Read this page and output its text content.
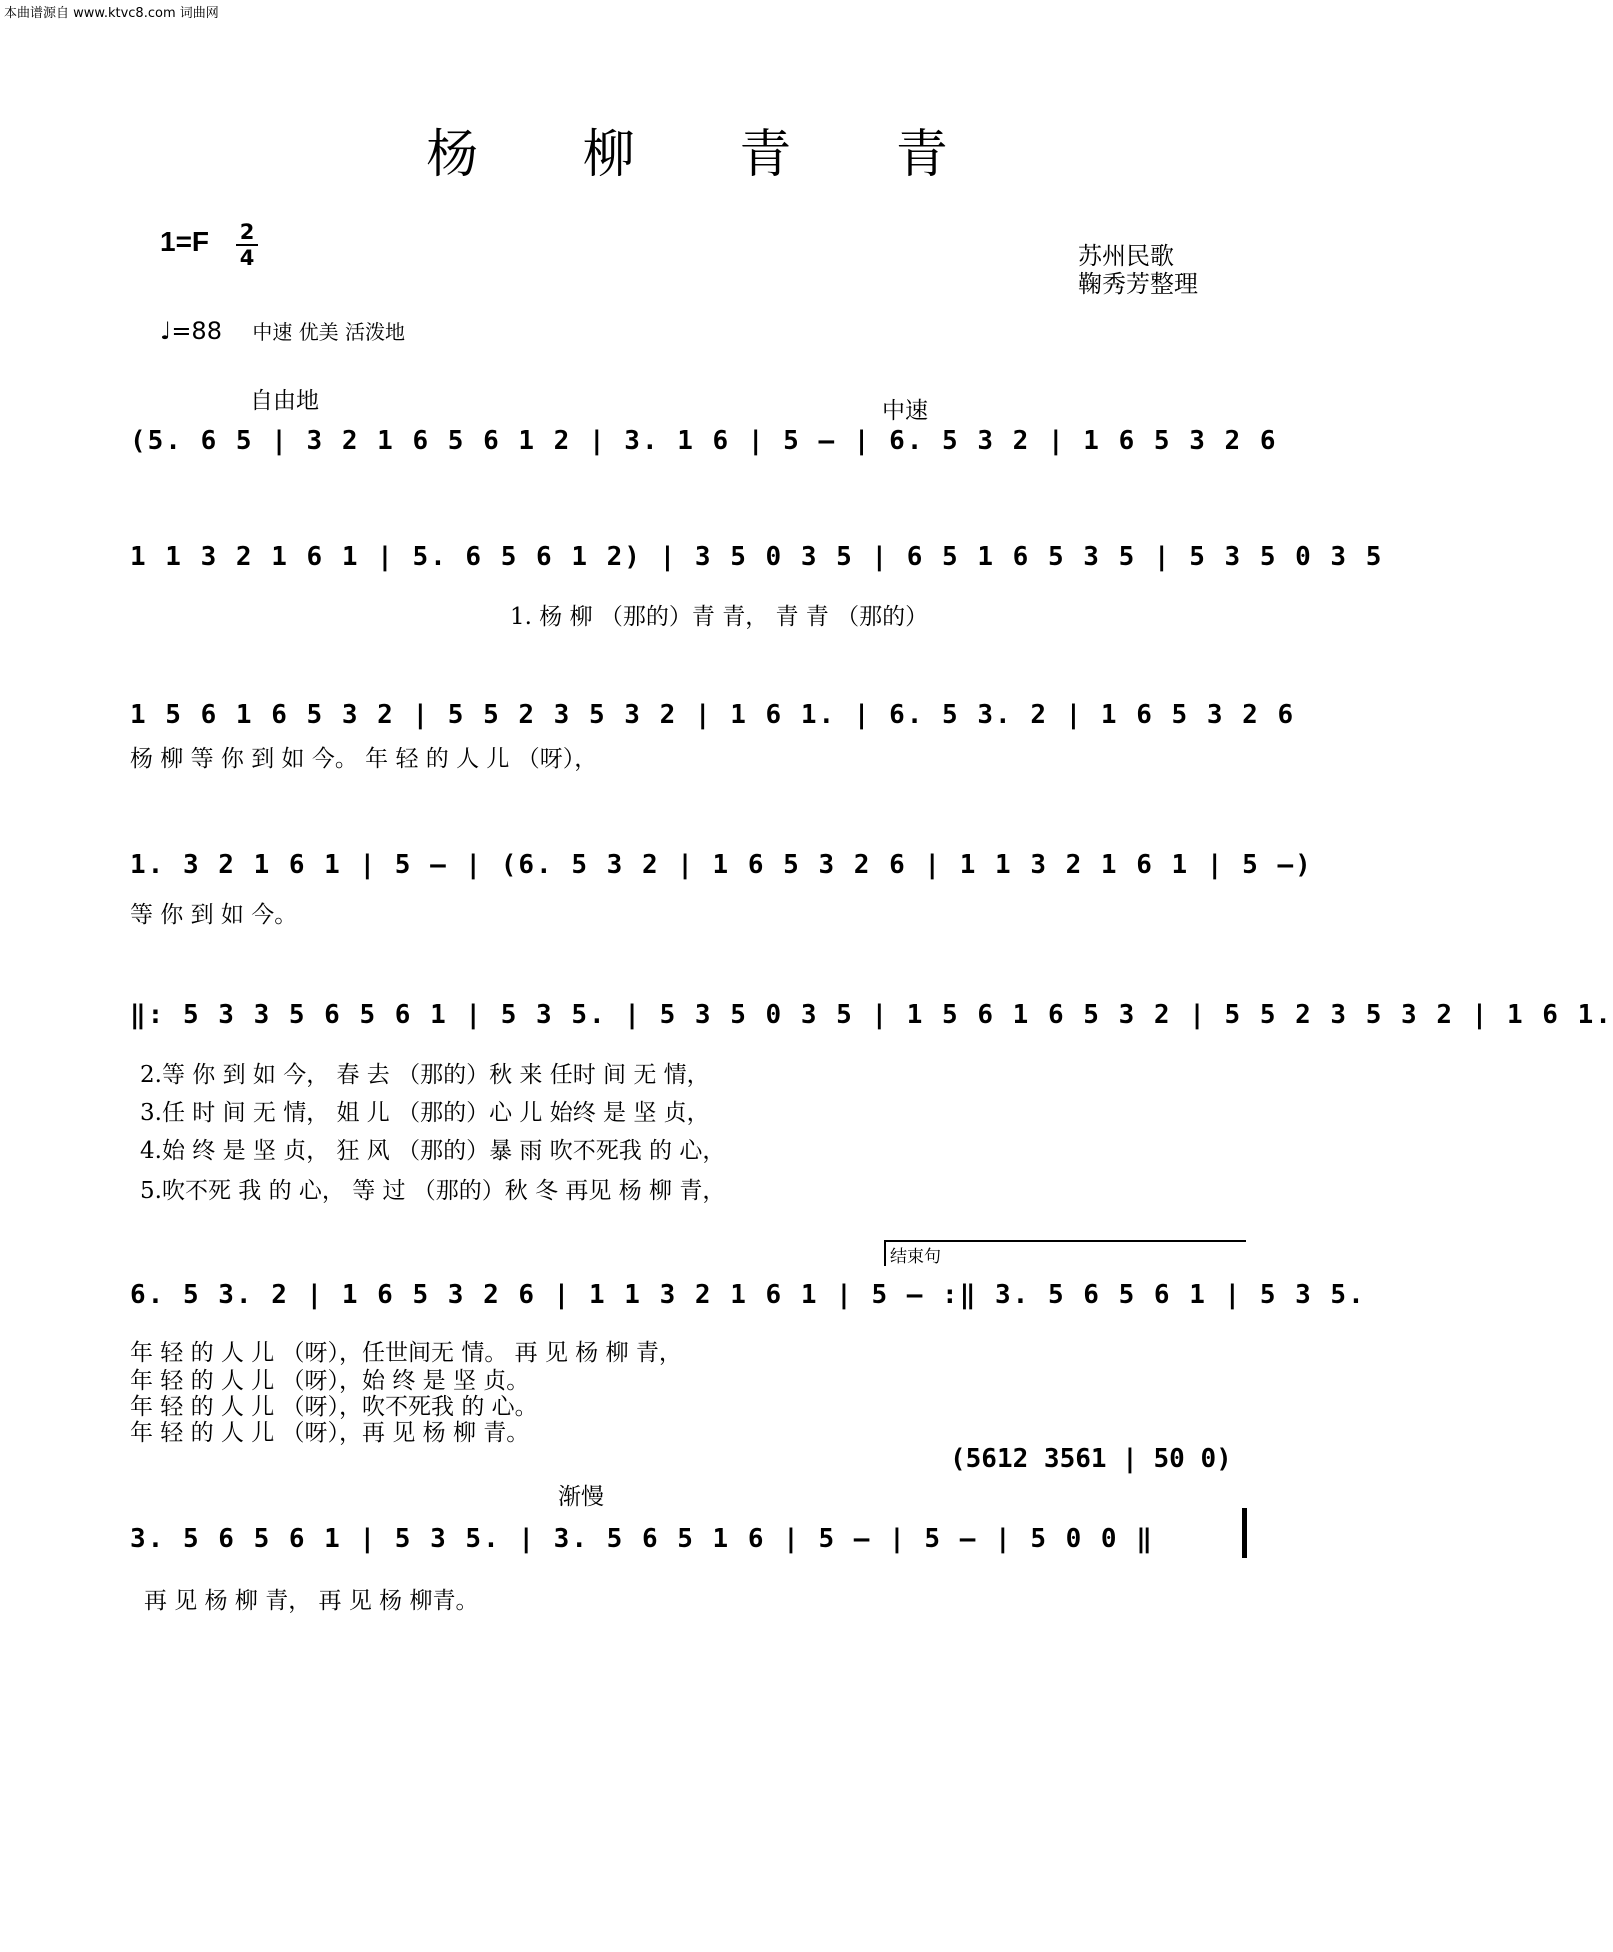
本曲谱源自 www.ktvc8.com 词曲网
杨 柳 青 青
1=F 2
4	苏州民歌
鞠秀芳整理
♩=88 中速 优美 活泼地
自由地	中速
(5. 6 5 | 3 2 1 6 5 6 1 2 | 3. 1 6 | 5 – | 6. 5 3 2 | 1 6 5 3 2 6
1 1 3 2 1 6 1 | 5. 6 5 6 1 2) | 3 5 0 3 5 | 6 5 1 6 5 3 5 | 5 3 5 0 3 5
1. 杨 柳 （那的）青 青， 青 青 （那的）
1 5 6 1 6 5 3 2 | 5 5 2 3 5 3 2 | 1 6 1. | 6. 5 3. 2 | 1 6 5 3 2 6
杨 柳 等 你 到 如 今。 年 轻 的 人 儿 （呀），
1. 3 2 1 6 1 | 5 – | (6. 5 3 2 | 1 6 5 3 2 6 | 1 1 3 2 1 6 1 | 5 –)
等 你 到 如 今。
‖: 5 3 3 5 6 5 6 1 | 5 3 5. | 5 3 5 0 3 5 | 1 5 6 1 6 5 3 2 | 5 5 2 3 5 3 2 | 1 6 1.
2.等 你 到 如 今， 春 去 （那的）秋 来 任时 间 无 情，
3.任 时 间 无 情， 姐 儿 （那的）心 儿 始终 是 坚 贞，
4.始 终 是 坚 贞， 狂 风 （那的）暴 雨 吹不死我 的 心，
5.吹不死 我 的 心， 等 过 （那的）秋 冬 再见 杨 柳 青，
结束句
6. 5 3. 2 | 1 6 5 3 2 6 | 1 1 3 2 1 6 1 | 5 – :‖ 3. 5 6 5 6 1 | 5 3 5.
年 轻 的 人 儿 （呀），任世间无 情。 再 见 杨 柳 青，
年 轻 的 人 儿 （呀），始 终 是 坚 贞。
年 轻 的 人 儿 （呀），吹不死我 的 心。
年 轻 的 人 儿 （呀），再 见 杨 柳 青。
(5612 3561 | 50 0)
渐慢
3. 5 6 5 6 1 | 5 3 5. | 3. 5 6 5 1 6 | 5 – | 5 – | 5 0 0 ‖
再 见 杨 柳 青， 再 见 杨 柳青。
